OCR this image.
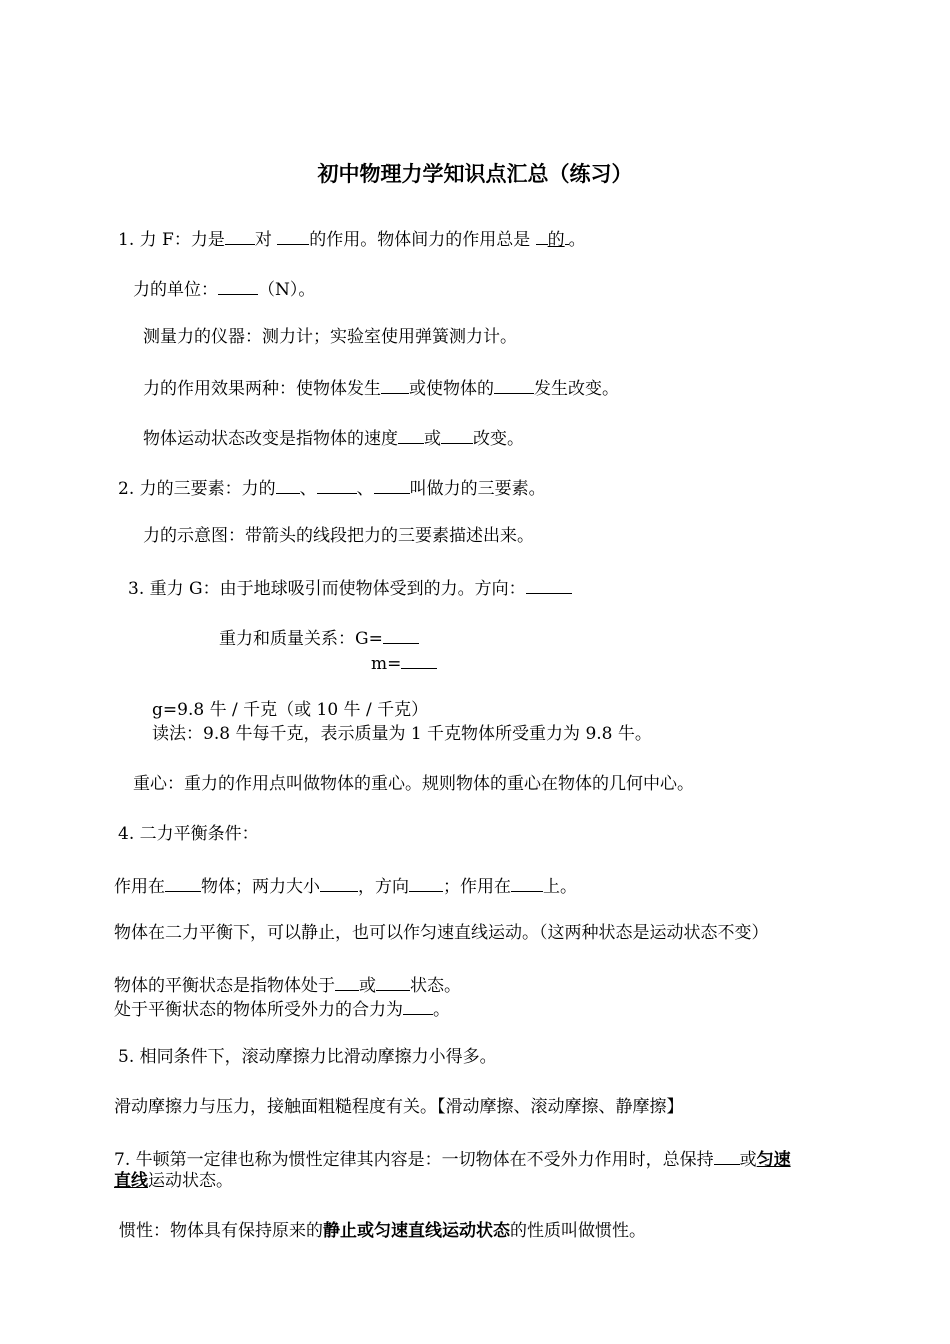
初中物理力学知识点汇总（练习）
1. 力 F：力是 对 的作用。物体间力的作用总是 的 。
力的单位： （N）。
测量力的仪器：测力计；实验室使用弹簧测力计。
力的作用效果两种：使物体发生 或使物体的 发生改变。
物体运动状态改变是指物体的速度 或 改变。
2. 力的三要素：力的 、 、 叫做力的三要素。
力的示意图：带箭头的线段把力的三要素描述出来。
3. 重力 G：由于地球吸引而使物体受到的力。方向：
重力和质量关系：G=
m=
g=9.8 牛 / 千克（或 10 牛 / 千克）
读法：9.8 牛每千克，表示质量为 1 千克物体所受重力为 9.8 牛。
重心：重力的作用点叫做物体的重心。规则物体的重心在物体的几何中心。
4. 二力平衡条件：
作用在 物体；两力大小 ，方向 ；作用在 上。
物体在二力平衡下，可以静止，也可以作匀速直线运动。（这两种状态是运动状态不变）
物体的平衡状态是指物体处于 或 状态。
处于平衡状态的物体所受外力的合力为 。
5. 相同条件下，滚动摩擦力比滑动摩擦力小得多。
滑动摩擦力与压力，接触面粗糙程度有关。【滑动摩擦、滚动摩擦、静摩擦】
7. 牛顿第一定律也称为惯性定律其内容是：一切物体在不受外力作用时，总保持 或匀速
直线运动状态。
惯性：物体具有保持原来的静止或匀速直线运动状态的性质叫做惯性。
